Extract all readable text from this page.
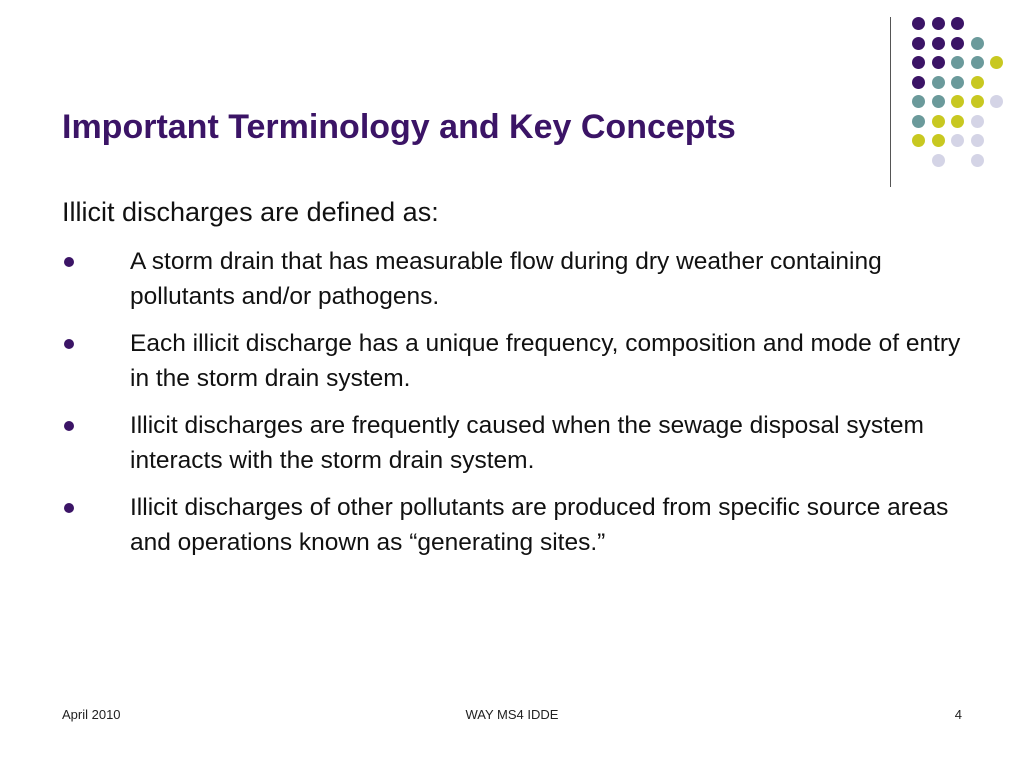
Important Terminology and Key Concepts
Illicit discharges are defined as:
A storm drain that has measurable flow during dry weather containing pollutants and/or pathogens.
Each illicit discharge has a unique frequency, composition and mode of entry in the storm drain system.
Illicit discharges are frequently caused when the sewage disposal system interacts with the storm drain system.
Illicit discharges of other pollutants are produced from specific source areas and operations known as “generating sites.”
April 2010	WAY MS4 IDDE	4
